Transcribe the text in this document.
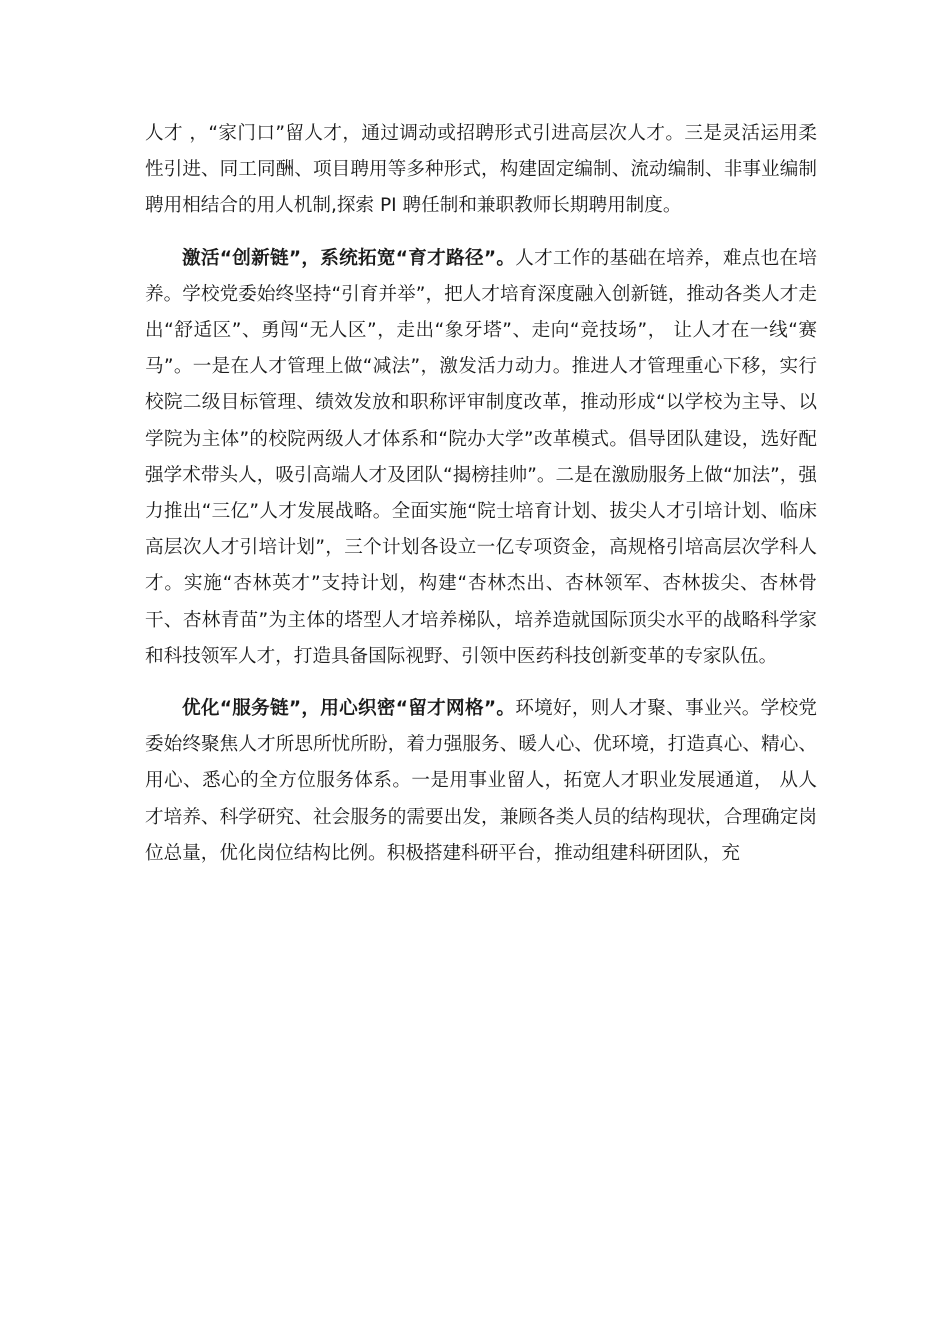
人才 ，“家门口”留人才，通过调动或招聘形式引进高层次人才。三是灵活运用柔性引进、同工同酬、项目聘用等多种形式，构建固定编制、流动编制、非事业编制聘用相结合的用人机制,探索 PI 聘任制和兼职教师长期聘用制度。

激活“创新链”，系统拓宽“育才路径”。人才工作的基础在培养，难点也在培养。学校党委始终坚持“引育并举”，把人才培育深度融入创新链，推动各类人才走出“舒适区”、勇闯“无人区”，走出“象牙塔”、走向“竞技场”， 让人才在一线“赛马”。一是在人才管理上做“减法”，激发活力动力。推进人才管理重心下移，实行校院二级目标管理、绩效发放和职称评审制度改革，推动形成“以学校为主导、以学院为主体”的校院两级人才体系和“院办大学”改革模式。倡导团队建设，选好配强学术带头人，吸引高端人才及团队“揭榜挂帅”。二是在激励服务上做“加法”，强力推出“三亿”人才发展战略。全面实施“院士培育计划、拔尖人才引培计划、临床高层次人才引培计划”，三个计划各设立一亿专项资金，高规格引培高层次学科人才。实施“杏林英才”支持计划，构建“杏林杰出、杏林领军、杏林拔尖、杏林骨干、杏林青苗”为主体的塔型人才培养梯队，培养造就国际顶尖水平的战略科学家和科技领军人才，打造具备国际视野、引领中医药科技创新变革的专家队伍。

优化“服务链”，用心织密“留才网格”。环境好，则人才聚、事业兴。学校党委始终聚焦人才所思所忧所盼，着力强服务、暖人心、优环境，打造真心、精心、用心、悉心的全方位服务体系。一是用事业留人，拓宽人才职业发展通道， 从人才培养、科学研究、社会服务的需要出发，兼顾各类人员的结构现状，合理确定岗位总量，优化岗位结构比例。积极搭建科研平台，推动组建科研团队，充
